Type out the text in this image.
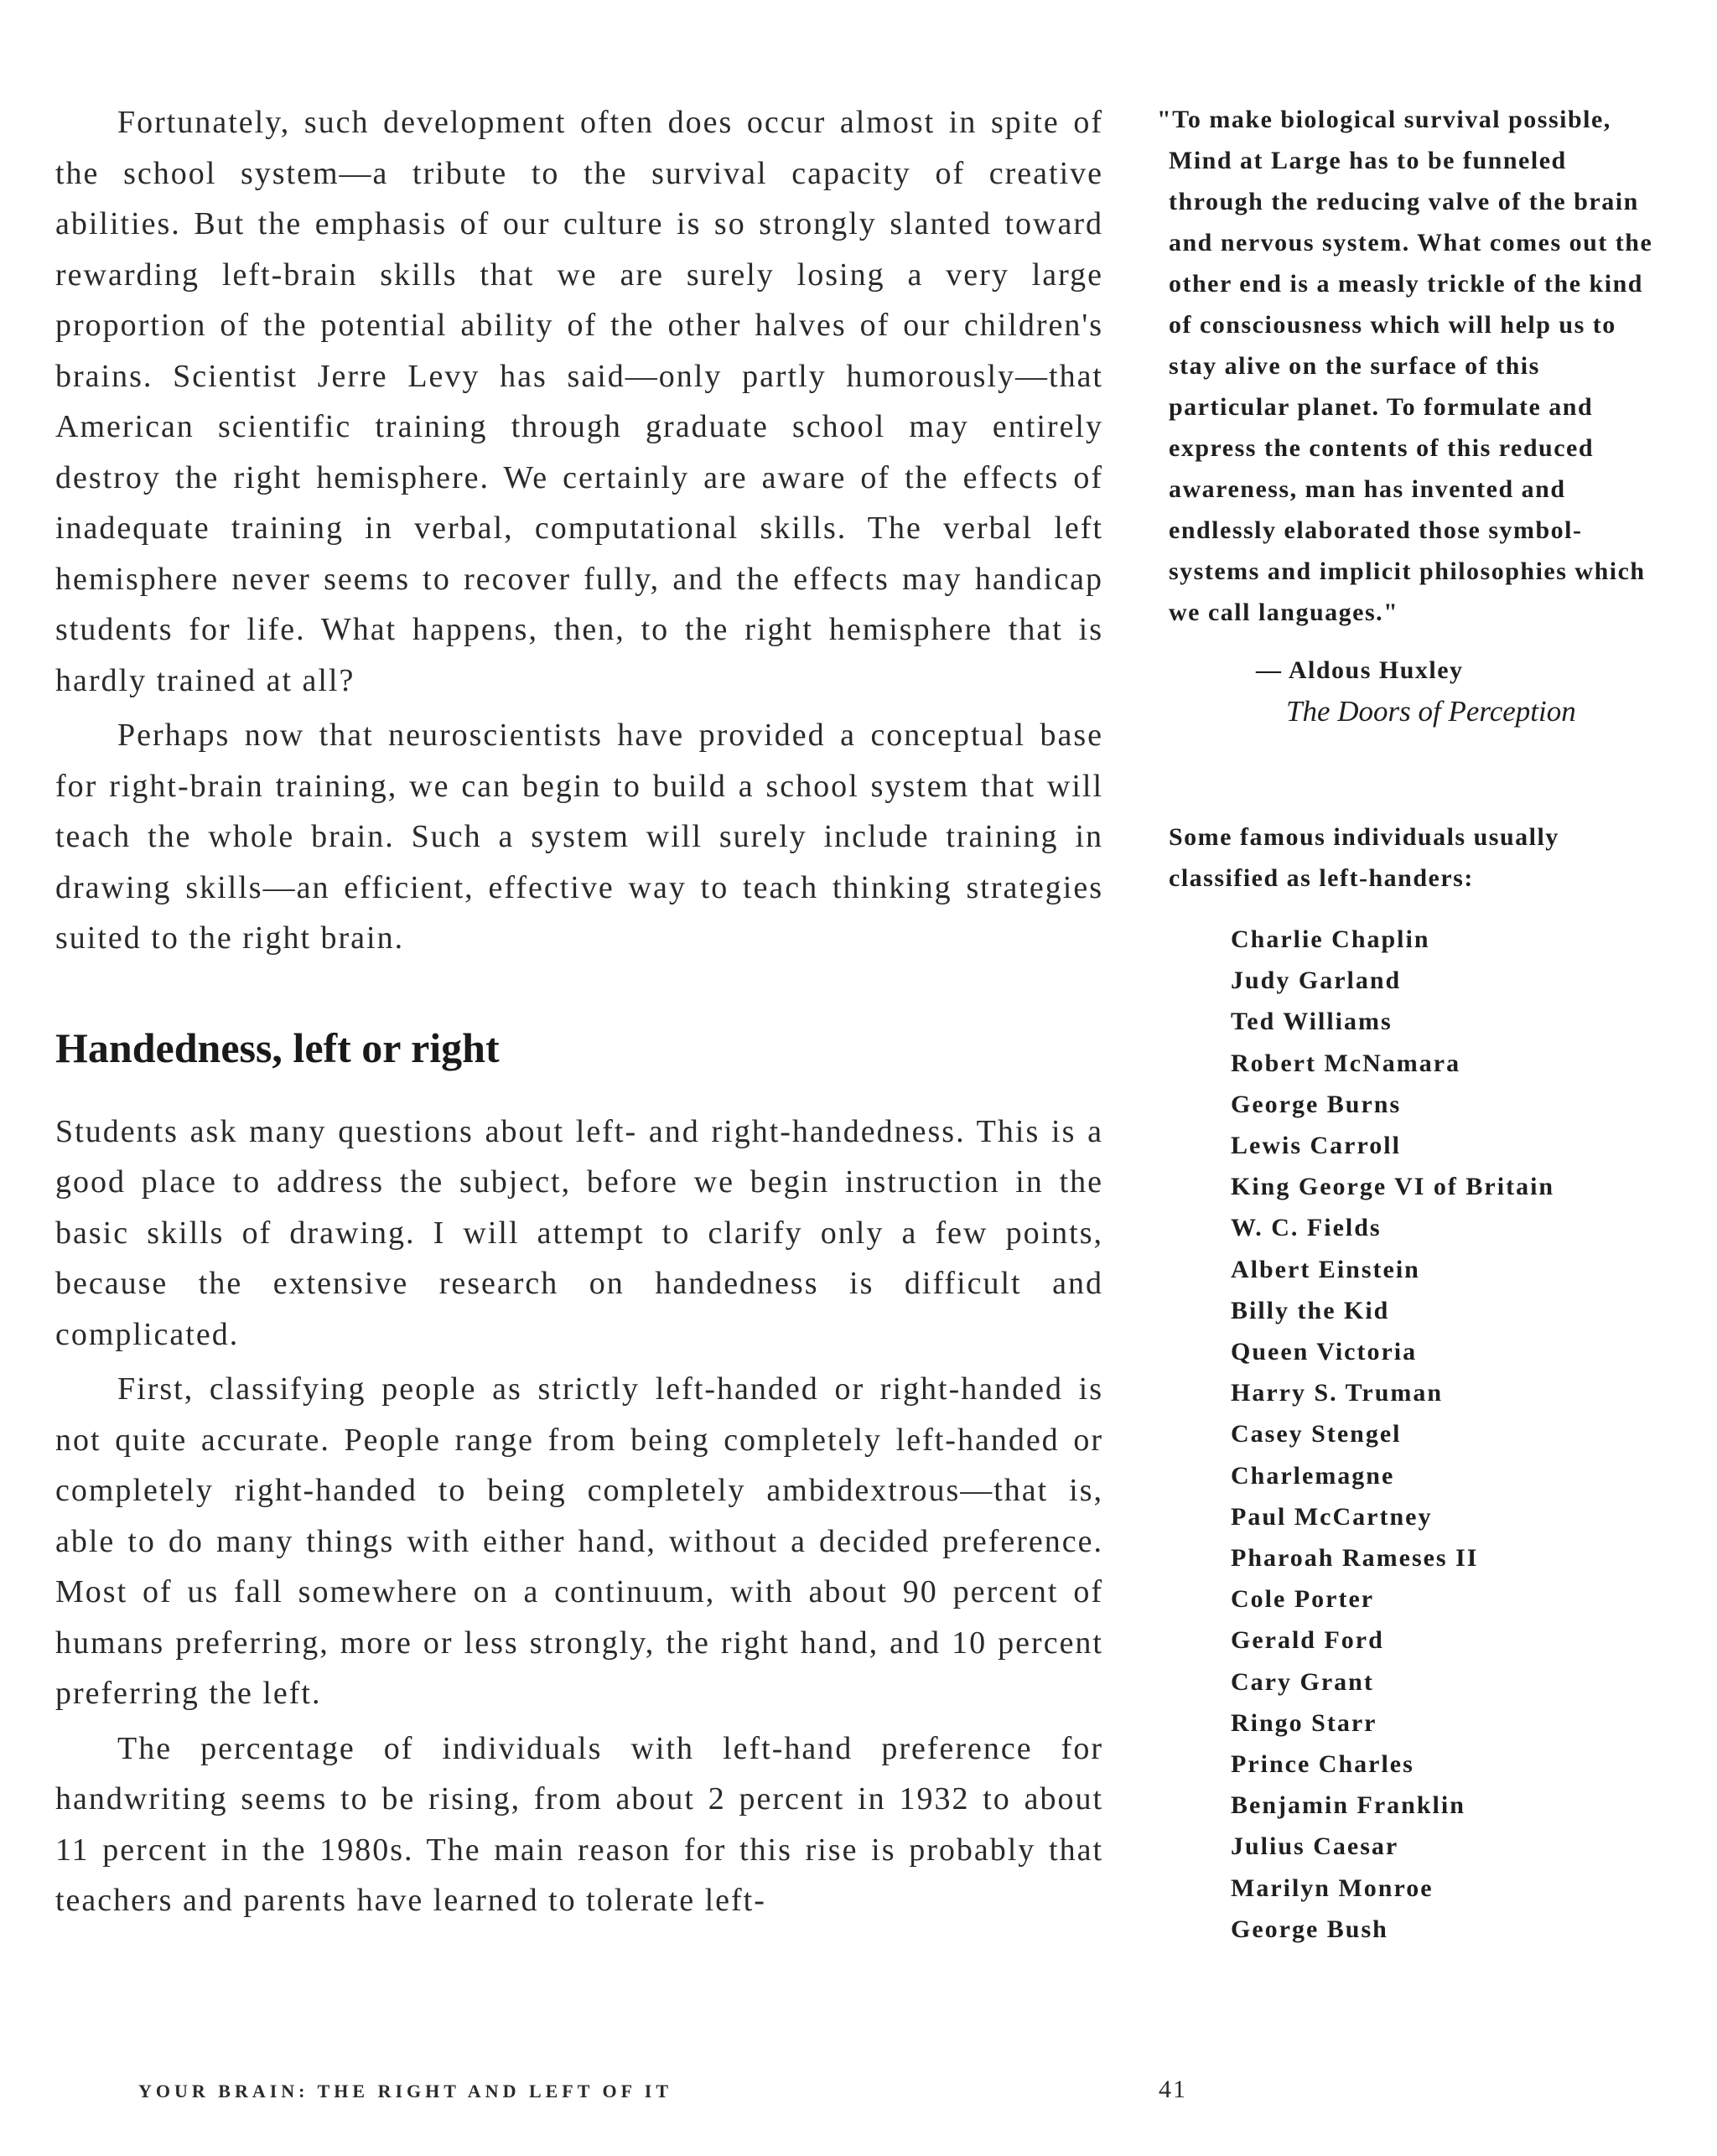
Fortunately, such development often does occur almost in spite of the school system—a tribute to the survival capacity of creative abilities. But the emphasis of our culture is so strongly slanted toward rewarding left-brain skills that we are surely losing a very large proportion of the potential ability of the other halves of our children's brains. Scientist Jerre Levy has said—only partly humorously—that American scientific training through graduate school may entirely destroy the right hemisphere. We certainly are aware of the effects of inadequate training in verbal, computational skills. The verbal left hemisphere never seems to recover fully, and the effects may handicap students for life. What happens, then, to the right hemisphere that is hardly trained at all?

Perhaps now that neuroscientists have provided a conceptual base for right-brain training, we can begin to build a school system that will teach the whole brain. Such a system will surely include training in drawing skills—an efficient, effective way to teach thinking strategies suited to the right brain.

Handedness, left or right

Students ask many questions about left- and right-handedness. This is a good place to address the subject, before we begin instruction in the basic skills of drawing. I will attempt to clarify only a few points, because the extensive research on handedness is difficult and complicated.

First, classifying people as strictly left-handed or right-handed is not quite accurate. People range from being completely left-handed or completely right-handed to being completely ambidextrous—that is, able to do many things with either hand, without a decided preference. Most of us fall somewhere on a continuum, with about 90 percent of humans preferring, more or less strongly, the right hand, and 10 percent preferring the left.

The percentage of individuals with left-hand preference for handwriting seems to be rising, from about 2 percent in 1932 to about 11 percent in the 1980s. The main reason for this rise is probably that teachers and parents have learned to tolerate left-

"To make biological survival possible, Mind at Large has to be funneled through the reducing valve of the brain and nervous system. What comes out the other end is a measly trickle of the kind of consciousness which will help us to stay alive on the surface of this particular planet. To formulate and express the contents of this reduced awareness, man has invented and endlessly elaborated those symbol-systems and implicit philosophies which we call languages."

— Aldous Huxley
The Doors of Perception
Some famous individuals usually classified as left-handers:
Charlie Chaplin
Judy Garland
Ted Williams
Robert McNamara
George Burns
Lewis Carroll
King George VI of Britain
W. C. Fields
Albert Einstein
Billy the Kid
Queen Victoria
Harry S. Truman
Casey Stengel
Charlemagne
Paul McCartney
Pharoah Rameses II
Cole Porter
Gerald Ford
Cary Grant
Ringo Starr
Prince Charles
Benjamin Franklin
Julius Caesar
Marilyn Monroe
George Bush
YOUR BRAIN: THE RIGHT AND LEFT OF IT	41
